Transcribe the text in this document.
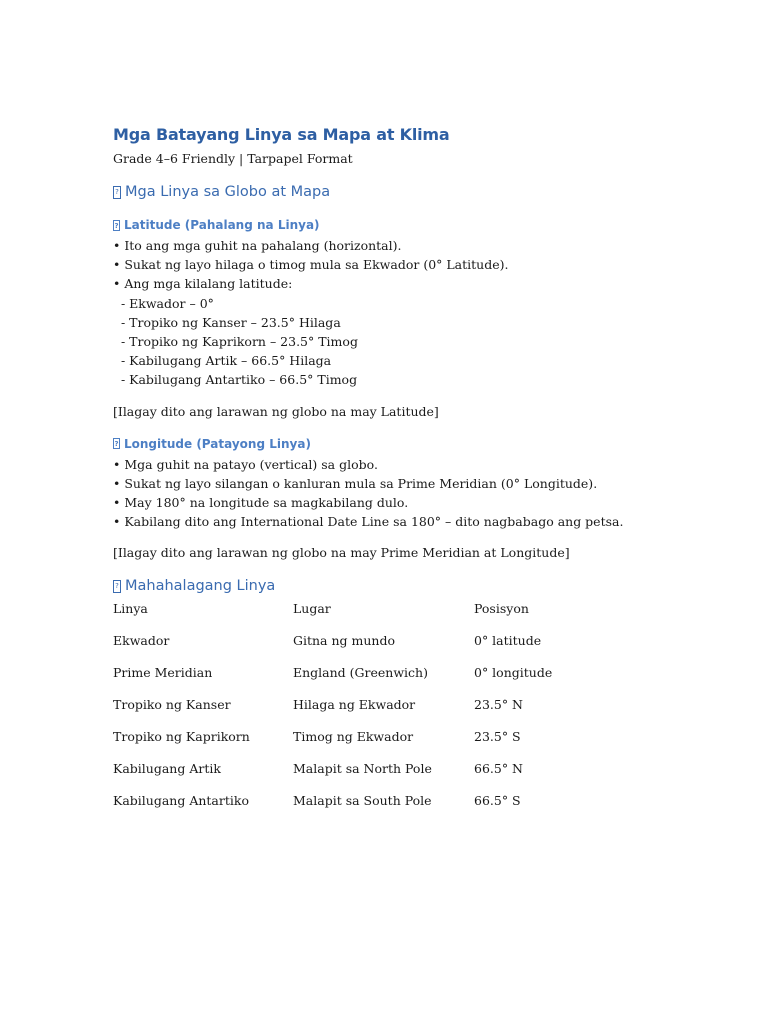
Mga Batayang Linya sa Mapa at Klima

Grade 4–6 Friendly | Tarpapel Format

? Mga Linya sa Globo at Mapa
? Latitude (Pahalang na Linya)

• Ito ang mga guhit na pahalang (horizontal).

• Sukat ng layo hilaga o timog mula sa Ekwador (0° Latitude).

• Ang mga kilalang latitude:

- Ekwador – 0°

- Tropiko ng Kanser – 23.5° Hilaga

- Tropiko ng Kaprikorn – 23.5° Timog

- Kabilugang Artik – 66.5° Hilaga

- Kabilugang Antartiko – 66.5° Timog

[Ilagay dito ang larawan ng globo na may Latitude]

? Longitude (Patayong Linya)

• Mga guhit na patayo (vertical) sa globo.

• Sukat ng layo silangan o kanluran mula sa Prime Meridian (0° Longitude).

• May 180° na longitude sa magkabilang dulo.

• Kabilang dito ang International Date Line sa 180° – dito nagbabago ang petsa.

[Ilagay dito ang larawan ng globo na may Prime Meridian at Longitude]

? Mahahalagang Linya
Linya	Lugar	Posisyon
Ekwador	Gitna ng mundo	0° latitude
Prime Meridian	England (Greenwich)	0° longitude
Tropiko ng Kanser	Hilaga ng Ekwador	23.5° N
Tropiko ng Kaprikorn	Timog ng Ekwador	23.5° S
Kabilugang Artik	Malapit sa North Pole	66.5° N
Kabilugang Antartiko	Malapit sa South Pole	66.5° S
